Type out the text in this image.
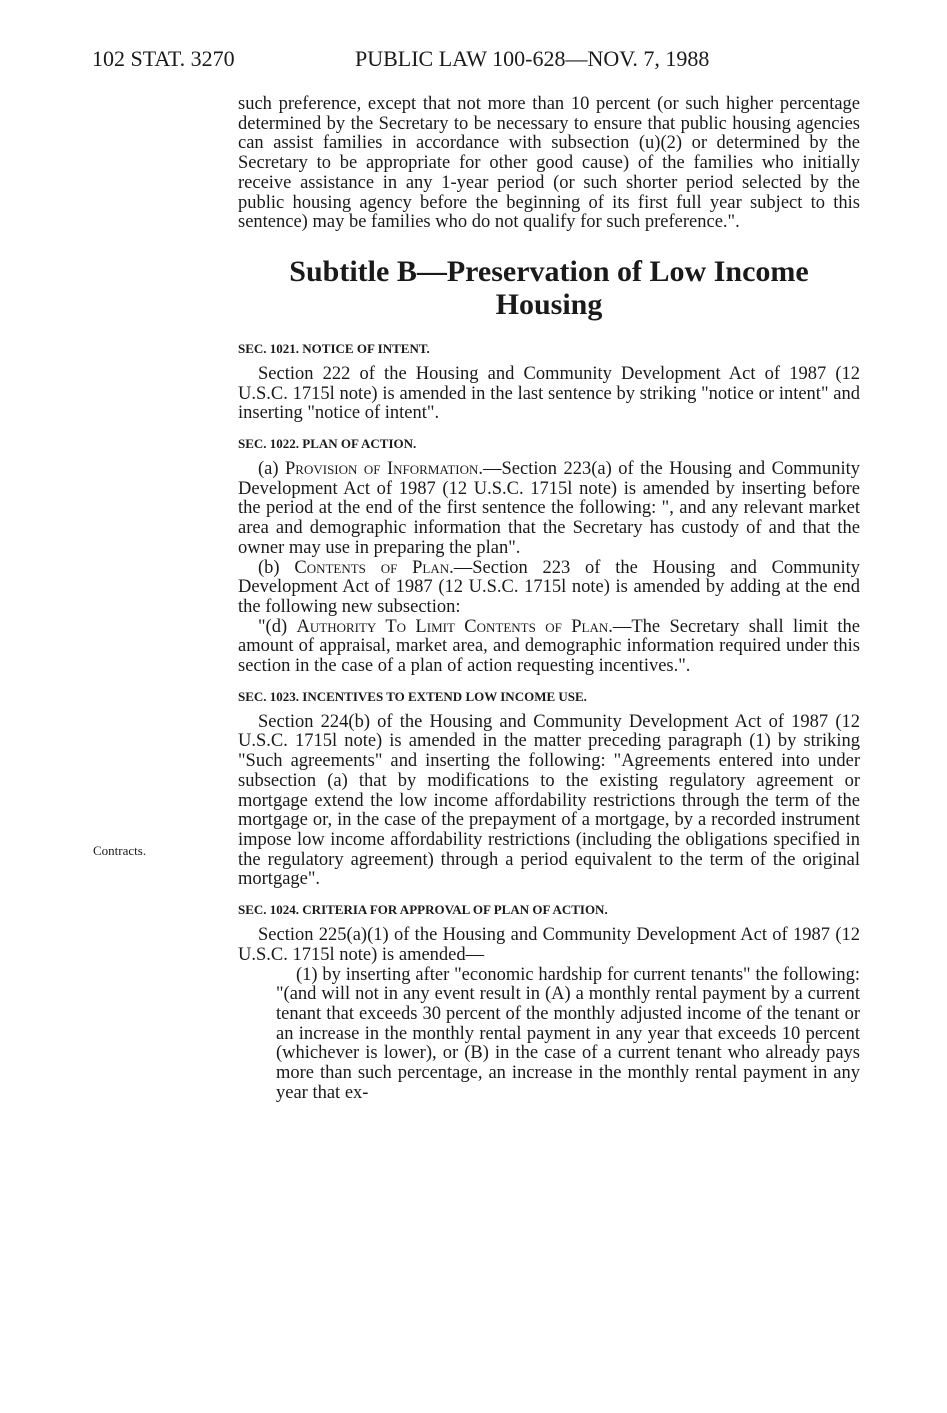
102 STAT. 3270	PUBLIC LAW 100-628—NOV. 7, 1988
Contracts.

such preference, except that not more than 10 percent (or such higher percentage determined by the Secretary to be necessary to ensure that public housing agencies can assist families in accordance with subsection (u)(2) or determined by the Secretary to be appropriate for other good cause) of the families who initially receive assistance in any 1-year period (or such shorter period selected by the public housing agency before the beginning of its first full year subject to this sentence) may be families who do not qualify for such preference.".

Subtitle B—Preservation of Low Income
Housing
SEC. 1021. NOTICE OF INTENT.

Section 222 of the Housing and Community Development Act of 1987 (12 U.S.C. 1715l note) is amended in the last sentence by striking "notice or intent" and inserting "notice of intent".

SEC. 1022. PLAN OF ACTION.

(a) Provision of Information.—Section 223(a) of the Housing and Community Development Act of 1987 (12 U.S.C. 1715l note) is amended by inserting before the period at the end of the first sentence the following: ", and any relevant market area and demographic information that the Secretary has custody of and that the owner may use in preparing the plan".

(b) Contents of Plan.—Section 223 of the Housing and Community Development Act of 1987 (12 U.S.C. 1715l note) is amended by adding at the end the following new subsection:

"(d) Authority To Limit Contents of Plan.—The Secretary shall limit the amount of appraisal, market area, and demographic information required under this section in the case of a plan of action requesting incentives.".

SEC. 1023. INCENTIVES TO EXTEND LOW INCOME USE.

Section 224(b) of the Housing and Community Development Act of 1987 (12 U.S.C. 1715l note) is amended in the matter preceding paragraph (1) by striking "Such agreements" and inserting the following: "Agreements entered into under subsection (a) that by modifications to the existing regulatory agreement or mortgage extend the low income affordability restrictions through the term of the mortgage or, in the case of the prepayment of a mortgage, by a recorded instrument impose low income affordability restrictions (including the obligations specified in the regulatory agreement) through a period equivalent to the term of the original mortgage".

SEC. 1024. CRITERIA FOR APPROVAL OF PLAN OF ACTION.

Section 225(a)(1) of the Housing and Community Development Act of 1987 (12 U.S.C. 1715l note) is amended—

(1) by inserting after "economic hardship for current tenants" the following: "(and will not in any event result in (A) a monthly rental payment by a current tenant that exceeds 30 percent of the monthly adjusted income of the tenant or an increase in the monthly rental payment in any year that exceeds 10 percent (whichever is lower), or (B) in the case of a current tenant who already pays more than such percentage, an increase in the monthly rental payment in any year that ex-
